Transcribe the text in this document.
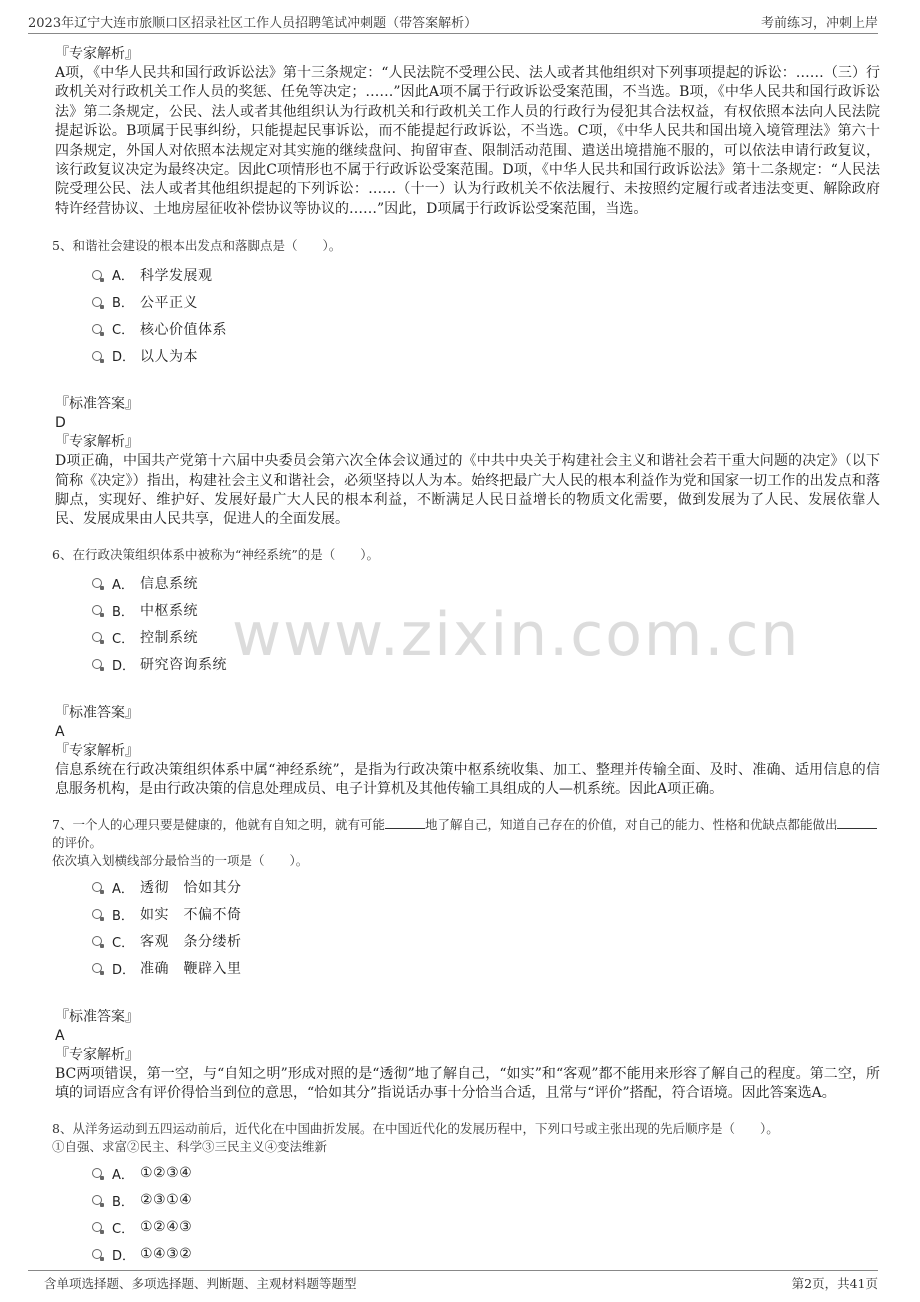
2023年辽宁大连市旅顺口区招录社区工作人员招聘笔试冲刺题（带答案解析）	考前练习，冲刺上岸
www.zixin.com.cn
『专家解析』

A项，《中华人民共和国行政诉讼法》第十三条规定：“人民法院不受理公民、法人或者其他组织对下列事项提起的诉讼：……（三）行政机关对行政机关工作人员的奖惩、任免等决定；……”因此A项不属于行政诉讼受案范围，不当选。B项，《中华人民共和国行政诉讼法》第二条规定，公民、法人或者其他组织认为行政机关和行政机关工作人员的行政行为侵犯其合法权益，有权依照本法向人民法院提起诉讼。B项属于民事纠纷，只能提起民事诉讼，而不能提起行政诉讼，不当选。C项，《中华人民共和国出境入境管理法》第六十四条规定，外国人对依照本法规定对其实施的继续盘问、拘留审查、限制活动范围、遣送出境措施不服的，可以依法申请行政复议，该行政复议决定为最终决定。因此C项情形也不属于行政诉讼受案范围。D项，《中华人民共和国行政诉讼法》第十二条规定：“人民法院受理公民、法人或者其他组织提起的下列诉讼：……（十一）认为行政机关不依法履行、未按照约定履行或者违法变更、解除政府特许经营协议、土地房屋征收补偿协议等协议的……”因此，D项属于行政诉讼受案范围，当选。

5、和谐社会建设的根本出发点和落脚点是（　　）。
A． 科学发展观
B． 公平正义
C． 核心价值体系
D． 以人为本
『标准答案』
D
『专家解析』

D项正确，中国共产党第十六届中央委员会第六次全体会议通过的《中共中央关于构建社会主义和谐社会若干重大问题的决定》（以下简称《决定》）指出，构建社会主义和谐社会，必须坚持以人为本。始终把最广大人民的根本利益作为党和国家一切工作的出发点和落脚点，实现好、维护好、发展好最广大人民的根本利益，不断满足人民日益增长的物质文化需要，做到发展为了人民、发展依靠人民、发展成果由人民共享，促进人的全面发展。

6、在行政决策组织体系中被称为“神经系统”的是（　　）。
A． 信息系统
B． 中枢系统
C． 控制系统
D． 研究咨询系统
『标准答案』
A
『专家解析』

信息系统在行政决策组织体系中属“神经系统”，是指为行政决策中枢系统收集、加工、整理并传输全面、及时、准确、适用信息的信息服务机构，是由行政决策的信息处理成员、电子计算机及其他传输工具组成的人—机系统。因此A项正确。

7、一个人的心理只要是健康的，他就有自知之明，就有可能	地了解自己，知道自己存在的价值，对自己的能力、性格和优缺点都能做出的评价。
依次填入划横线部分最恰当的一项是（　　）。
A． 透彻　恰如其分
B． 如实　不偏不倚
C． 客观　条分缕析
D． 准确　鞭辟入里
『标准答案』
A
『专家解析』

BC两项错误，第一空，与“自知之明”形成对照的是“透彻”地了解自己，“如实”和“客观”都不能用来形容了解自己的程度。第二空，所填的词语应含有评价得恰当到位的意思，“恰如其分”指说话办事十分恰当合适，且常与“评价”搭配，符合语境。因此答案选A。

8、从洋务运动到五四运动前后，近代化在中国曲折发展。在中国近代化的发展历程中，下列口号或主张出现的先后顺序是（　　）。
①自强、求富②民主、科学③三民主义④变法维新
A． ①②③④
B． ②③①④
C． ①②④③
D． ①④③②
含单项选择题、多项选择题、判断题、主观材料题等题型	第2页，共41页
